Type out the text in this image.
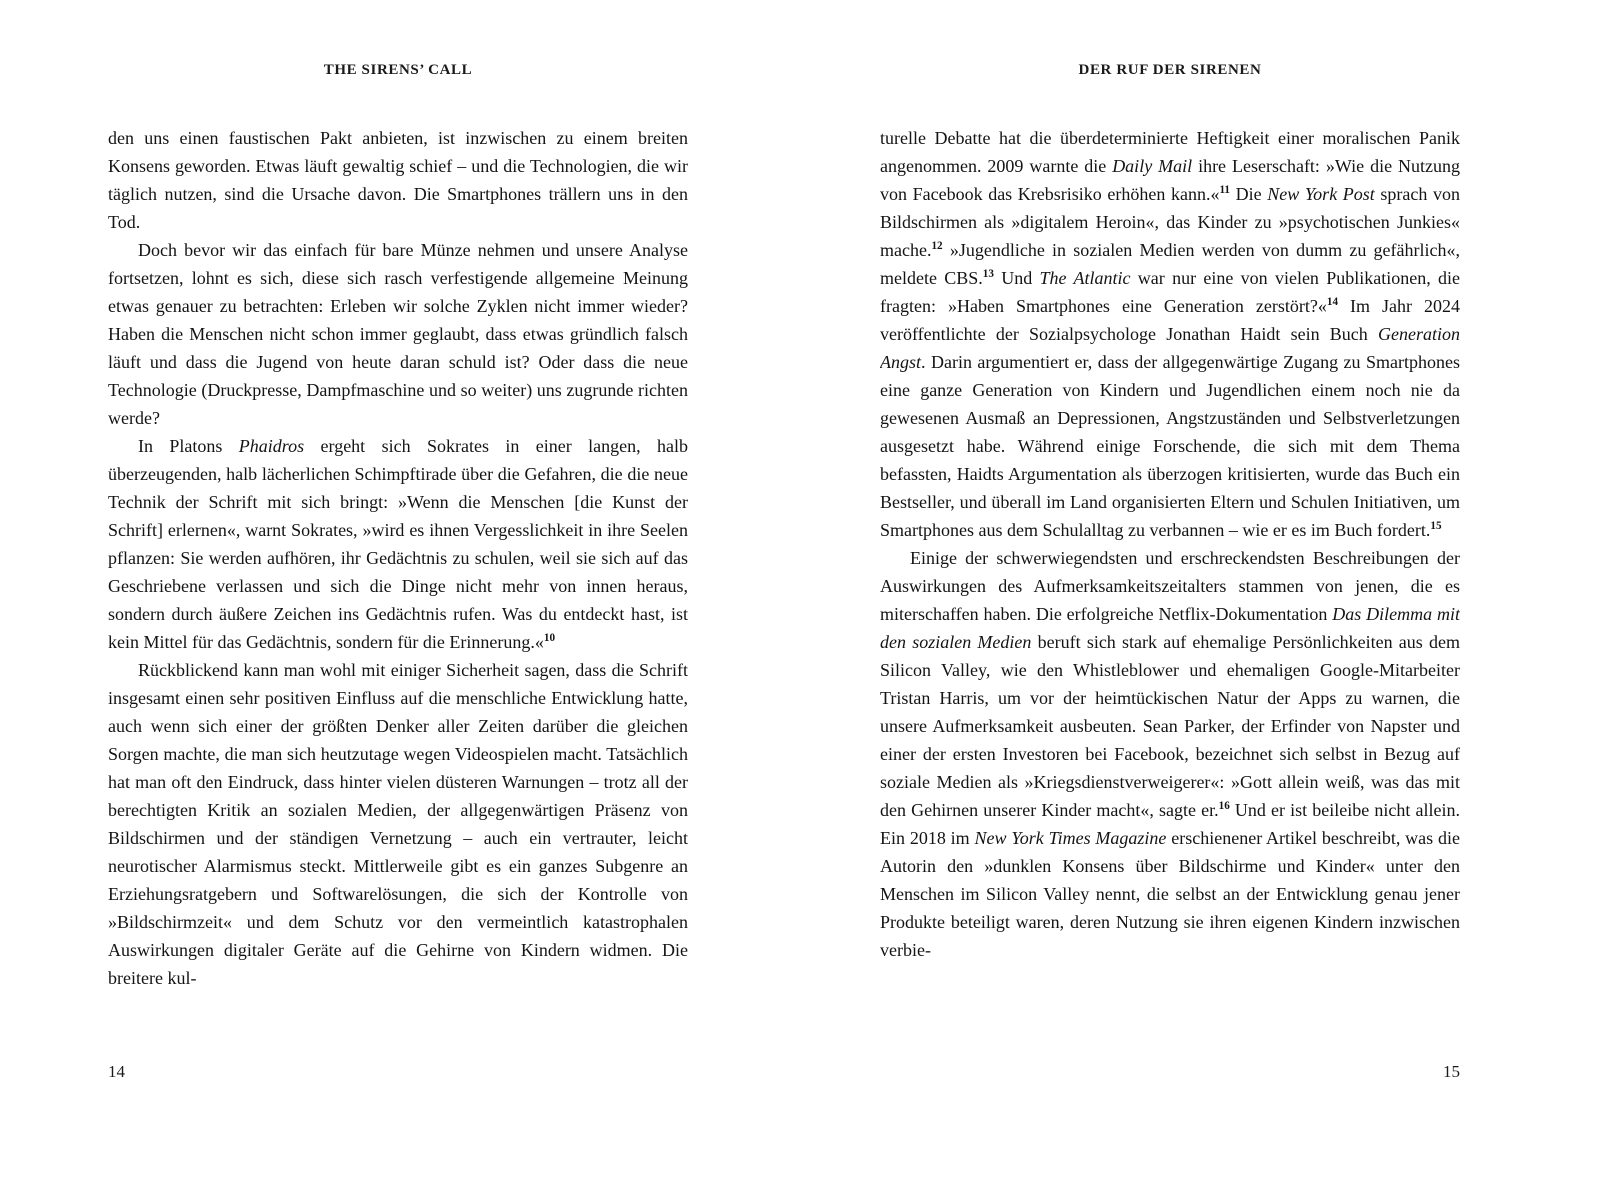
THE SIRENS’ CALL

den uns einen faustischen Pakt anbieten, ist inzwischen zu einem breiten Konsens geworden. Etwas läuft gewaltig schief – und die Technologien, die wir täglich nutzen, sind die Ursache davon. Die Smartphones trällern uns in den Tod.

Doch bevor wir das einfach für bare Münze nehmen und unsere Analyse fortsetzen, lohnt es sich, diese sich rasch verfestigende allgemeine Meinung etwas genauer zu betrachten: Erleben wir solche Zyklen nicht immer wieder? Haben die Menschen nicht schon immer geglaubt, dass etwas gründlich falsch läuft und dass die Jugend von heute daran schuld ist? Oder dass die neue Technologie (Druckpresse, Dampfmaschine und so weiter) uns zugrunde richten werde?

In Platons Phaidros ergeht sich Sokrates in einer langen, halb überzeugenden, halb lächerlichen Schimpftirade über die Gefahren, die die neue Technik der Schrift mit sich bringt: »Wenn die Menschen [die Kunst der Schrift] erlernen«, warnt Sokrates, »wird es ihnen Vergesslichkeit in ihre Seelen pflanzen: Sie werden aufhören, ihr Gedächtnis zu schulen, weil sie sich auf das Geschriebene verlassen und sich die Dinge nicht mehr von innen heraus, sondern durch äußere Zeichen ins Gedächtnis rufen. Was du entdeckt hast, ist kein Mittel für das Gedächtnis, sondern für die Erinnerung.«$^{10}$

Rückblickend kann man wohl mit einiger Sicherheit sagen, dass die Schrift insgesamt einen sehr positiven Einfluss auf die menschliche Entwicklung hatte, auch wenn sich einer der größten Denker aller Zeiten darüber die gleichen Sorgen machte, die man sich heutzutage wegen Videospielen macht. Tatsächlich hat man oft den Eindruck, dass hinter vielen düsteren Warnungen – trotz all der berechtigten Kritik an sozialen Medien, der allgegenwärtigen Präsenz von Bildschirmen und der ständigen Vernetzung – auch ein vertrauter, leicht neurotischer Alarmismus steckt. Mittlerweile gibt es ein ganzes Subgenre an Erziehungsratgebern und Softwarelösungen, die sich der Kontrolle von »Bildschirmzeit« und dem Schutz vor den vermeintlich katastrophalen Auswirkungen digitaler Geräte auf die Gehirne von Kindern widmen. Die breitere kul-

14
DER RUF DER SIRENEN

turelle Debatte hat die überdeterminierte Heftigkeit einer moralischen Panik angenommen. 2009 warnte die Daily Mail ihre Leserschaft: »Wie die Nutzung von Facebook das Krebsrisiko erhöhen kann.«$^{11}$ Die New York Post sprach von Bildschirmen als »digitalem Heroin«, das Kinder zu »psychotischen Junkies« mache.$^{12}$ »Jugendliche in sozialen Medien werden von dumm zu gefährlich«, meldete CBS.$^{13}$ Und The Atlantic war nur eine von vielen Publikationen, die fragten: »Haben Smartphones eine Generation zerstört?«$^{14}$ Im Jahr 2024 veröffentlichte der Sozialpsychologe Jonathan Haidt sein Buch Generation Angst. Darin argumentiert er, dass der allgegenwärtige Zugang zu Smartphones eine ganze Generation von Kindern und Jugendlichen einem noch nie da gewesenen Ausmaß an Depressionen, Angstzuständen und Selbstverletzungen ausgesetzt habe. Während einige Forschende, die sich mit dem Thema befassten, Haidts Argumentation als überzogen kritisierten, wurde das Buch ein Bestseller, und überall im Land organisierten Eltern und Schulen Initiativen, um Smartphones aus dem Schulalltag zu verbannen – wie er es im Buch fordert.$^{15}$

Einige der schwerwiegendsten und erschreckendsten Beschreibungen der Auswirkungen des Aufmerksamkeitszeitalters stammen von jenen, die es miterschaffen haben. Die erfolgreiche Netflix-Dokumentation Das Dilemma mit den sozialen Medien beruft sich stark auf ehemalige Persönlichkeiten aus dem Silicon Valley, wie den Whistleblower und ehemaligen Google-Mitarbeiter Tristan Harris, um vor der heimtückischen Natur der Apps zu warnen, die unsere Aufmerksamkeit ausbeuten. Sean Parker, der Erfinder von Napster und einer der ersten Investoren bei Facebook, bezeichnet sich selbst in Bezug auf soziale Medien als »Kriegsdienstverweigerer«: »Gott allein weiß, was das mit den Gehirnen unserer Kinder macht«, sagte er.$^{16}$ Und er ist beileibe nicht allein. Ein 2018 im New York Times Magazine erschienener Artikel beschreibt, was die Autorin den »dunklen Konsens über Bildschirme und Kinder« unter den Menschen im Silicon Valley nennt, die selbst an der Entwicklung genau jener Produkte beteiligt waren, deren Nutzung sie ihren eigenen Kindern inzwischen verbie-

15
